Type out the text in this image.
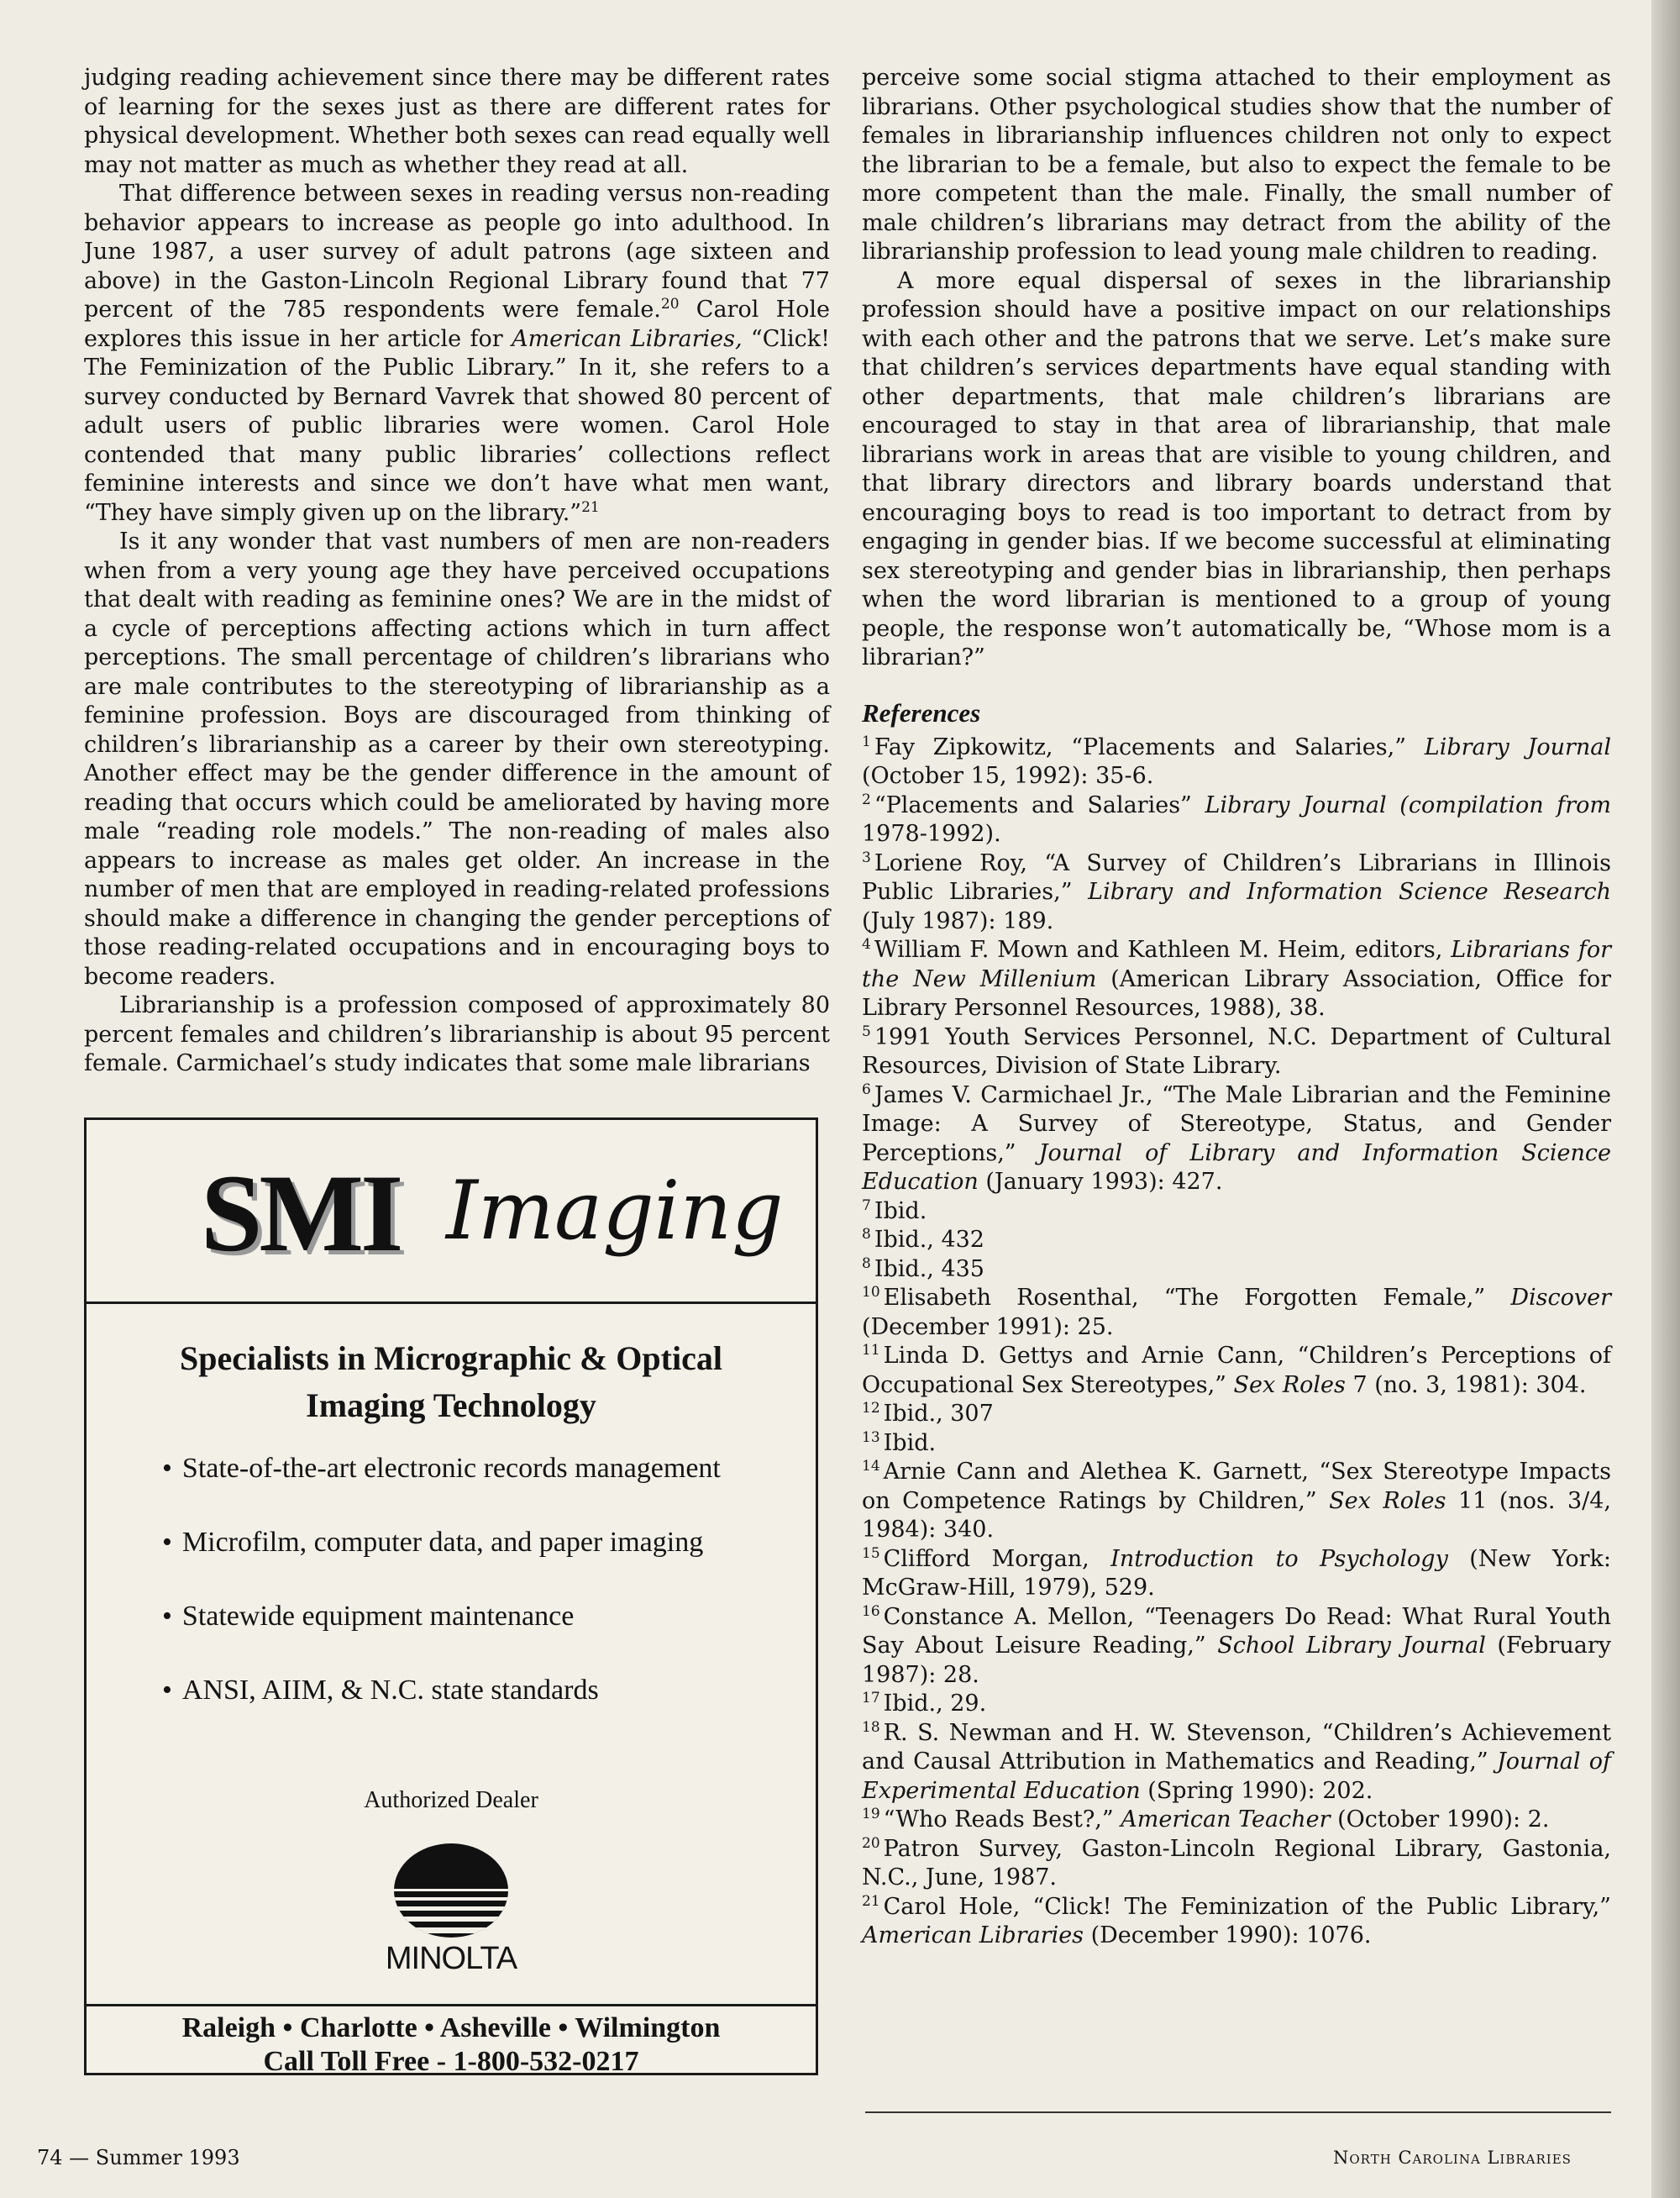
judging reading achievement since there may be different rates of learning for the sexes just as there are different rates for physical development. Whether both sexes can read equally well may not matter as much as whether they read at all.

That difference between sexes in reading versus non-reading behavior appears to increase as people go into adulthood. In June 1987, a user survey of adult patrons (age sixteen and above) in the Gaston-Lincoln Regional Library found that 77 percent of the 785 respondents were female.$^{20}$ Carol Hole explores this issue in her article for American Libraries, “Click! The Feminization of the Public Library.” In it, she refers to a survey conducted by Bernard Vavrek that showed 80 percent of adult users of public libraries were women. Carol Hole contended that many public libraries’ collections reflect feminine interests and since we don’t have what men want, “They have simply given up on the library.”$^{21}$

Is it any wonder that vast numbers of men are non-readers when from a very young age they have perceived occupations that dealt with reading as feminine ones? We are in the midst of a cycle of perceptions affecting actions which in turn affect perceptions. The small percentage of children’s librarians who are male contributes to the stereotyping of librarianship as a feminine profession. Boys are discouraged from thinking of children’s librarianship as a career by their own stereotyping. Another effect may be the gender difference in the amount of reading that occurs which could be ameliorated by having more male “reading role models.” The non-reading of males also appears to increase as males get older. An increase in the number of men that are employed in reading-related professions should make a difference in changing the gender perceptions of those reading-related occupations and in encouraging boys to become readers.

Librarianship is a profession composed of approximately 80 percent females and children’s librarianship is about 95 percent female. Carmichael’s study indicates that some male librarians

perceive some social stigma attached to their employment as librarians. Other psychological studies show that the number of females in librarianship influences children not only to expect the librarian to be a female, but also to expect the female to be more competent than the male. Finally, the small number of male children’s librarians may detract from the ability of the librarianship profession to lead young male children to reading.

A more equal dispersal of sexes in the librarianship profession should have a positive impact on our relationships with each other and the patrons that we serve. Let’s make sure that children’s services departments have equal standing with other departments, that male children’s librarians are encouraged to stay in that area of librarianship, that male librarians work in areas that are visible to young children, and that library directors and library boards understand that encouraging boys to read is too important to detract from by engaging in gender bias. If we become successful at eliminating sex stereotyping and gender bias in librarianship, then perhaps when the word librarian is mentioned to a group of young people, the response won’t automatically be, “Whose mom is a librarian?”

References

$^1$ Fay Zipkowitz, “Placements and Salaries,” Library Journal (October 15, 1992): 35-6.

$^2$ “Placements and Salaries” Library Journal (compilation from 1978-1992).

$^3$ Loriene Roy, “A Survey of Children’s Librarians in Illinois Public Libraries,” Library and Information Science Research (July 1987): 189.

$^4$ William F. Mown and Kathleen M. Heim, editors, Librarians for the New Millenium (American Library Association, Office for Library Personnel Resources, 1988), 38.

$^5$ 1991 Youth Services Personnel, N.C. Department of Cultural Resources, Division of State Library.

$^6$ James V. Carmichael Jr., “The Male Librarian and the Feminine Image: A Survey of Stereotype, Status, and Gender Perceptions,” Journal of Library and Information Science Education (January 1993): 427.

$^7$ Ibid.

$^8$ Ibid., 432

$^8$ Ibid., 435

$^{10}$ Elisabeth Rosenthal, “The Forgotten Female,” Discover (December 1991): 25.

$^{11}$ Linda D. Gettys and Arnie Cann, “Children’s Perceptions of Occupational Sex Stereotypes,” Sex Roles 7 (no. 3, 1981): 304.

$^{12}$ Ibid., 307

$^{13}$ Ibid.

$^{14}$ Arnie Cann and Alethea K. Garnett, “Sex Stereotype Impacts on Competence Ratings by Children,” Sex Roles 11 (nos. 3/4, 1984): 340.

$^{15}$ Clifford Morgan, Introduction to Psychology (New York: McGraw-Hill, 1979), 529.

$^{16}$ Constance A. Mellon, “Teenagers Do Read: What Rural Youth Say About Leisure Reading,” School Library Journal (February 1987): 28.

$^{17}$ Ibid., 29.

$^{18}$ R. S. Newman and H. W. Stevenson, “Children’s Achievement and Causal Attribution in Mathematics and Reading,” Journal of Experimental Education (Spring 1990): 202.

$^{19}$ “Who Reads Best?,” American Teacher (October 1990): 2.

$^{20}$ Patron Survey, Gaston-Lincoln Regional Library, Gastonia, N.C., June, 1987.

$^{21}$ Carol Hole, “Click! The Feminization of the Public Library,” American Libraries (December 1990): 1076.

SMI Imaging
Specialists in Micrographic & Optical
Imaging Technology
• State-of-the-art electronic records management
• Microfilm, computer data, and paper imaging
• Statewide equipment maintenance
• ANSI, AIIM, & N.C. state standards
Authorized Dealer
MINOLTA
Raleigh • Charlotte • Asheville • Wilmington
Call Toll Free - 1-800-532-0217
74 — Summer 1993	North Carolina Libraries
